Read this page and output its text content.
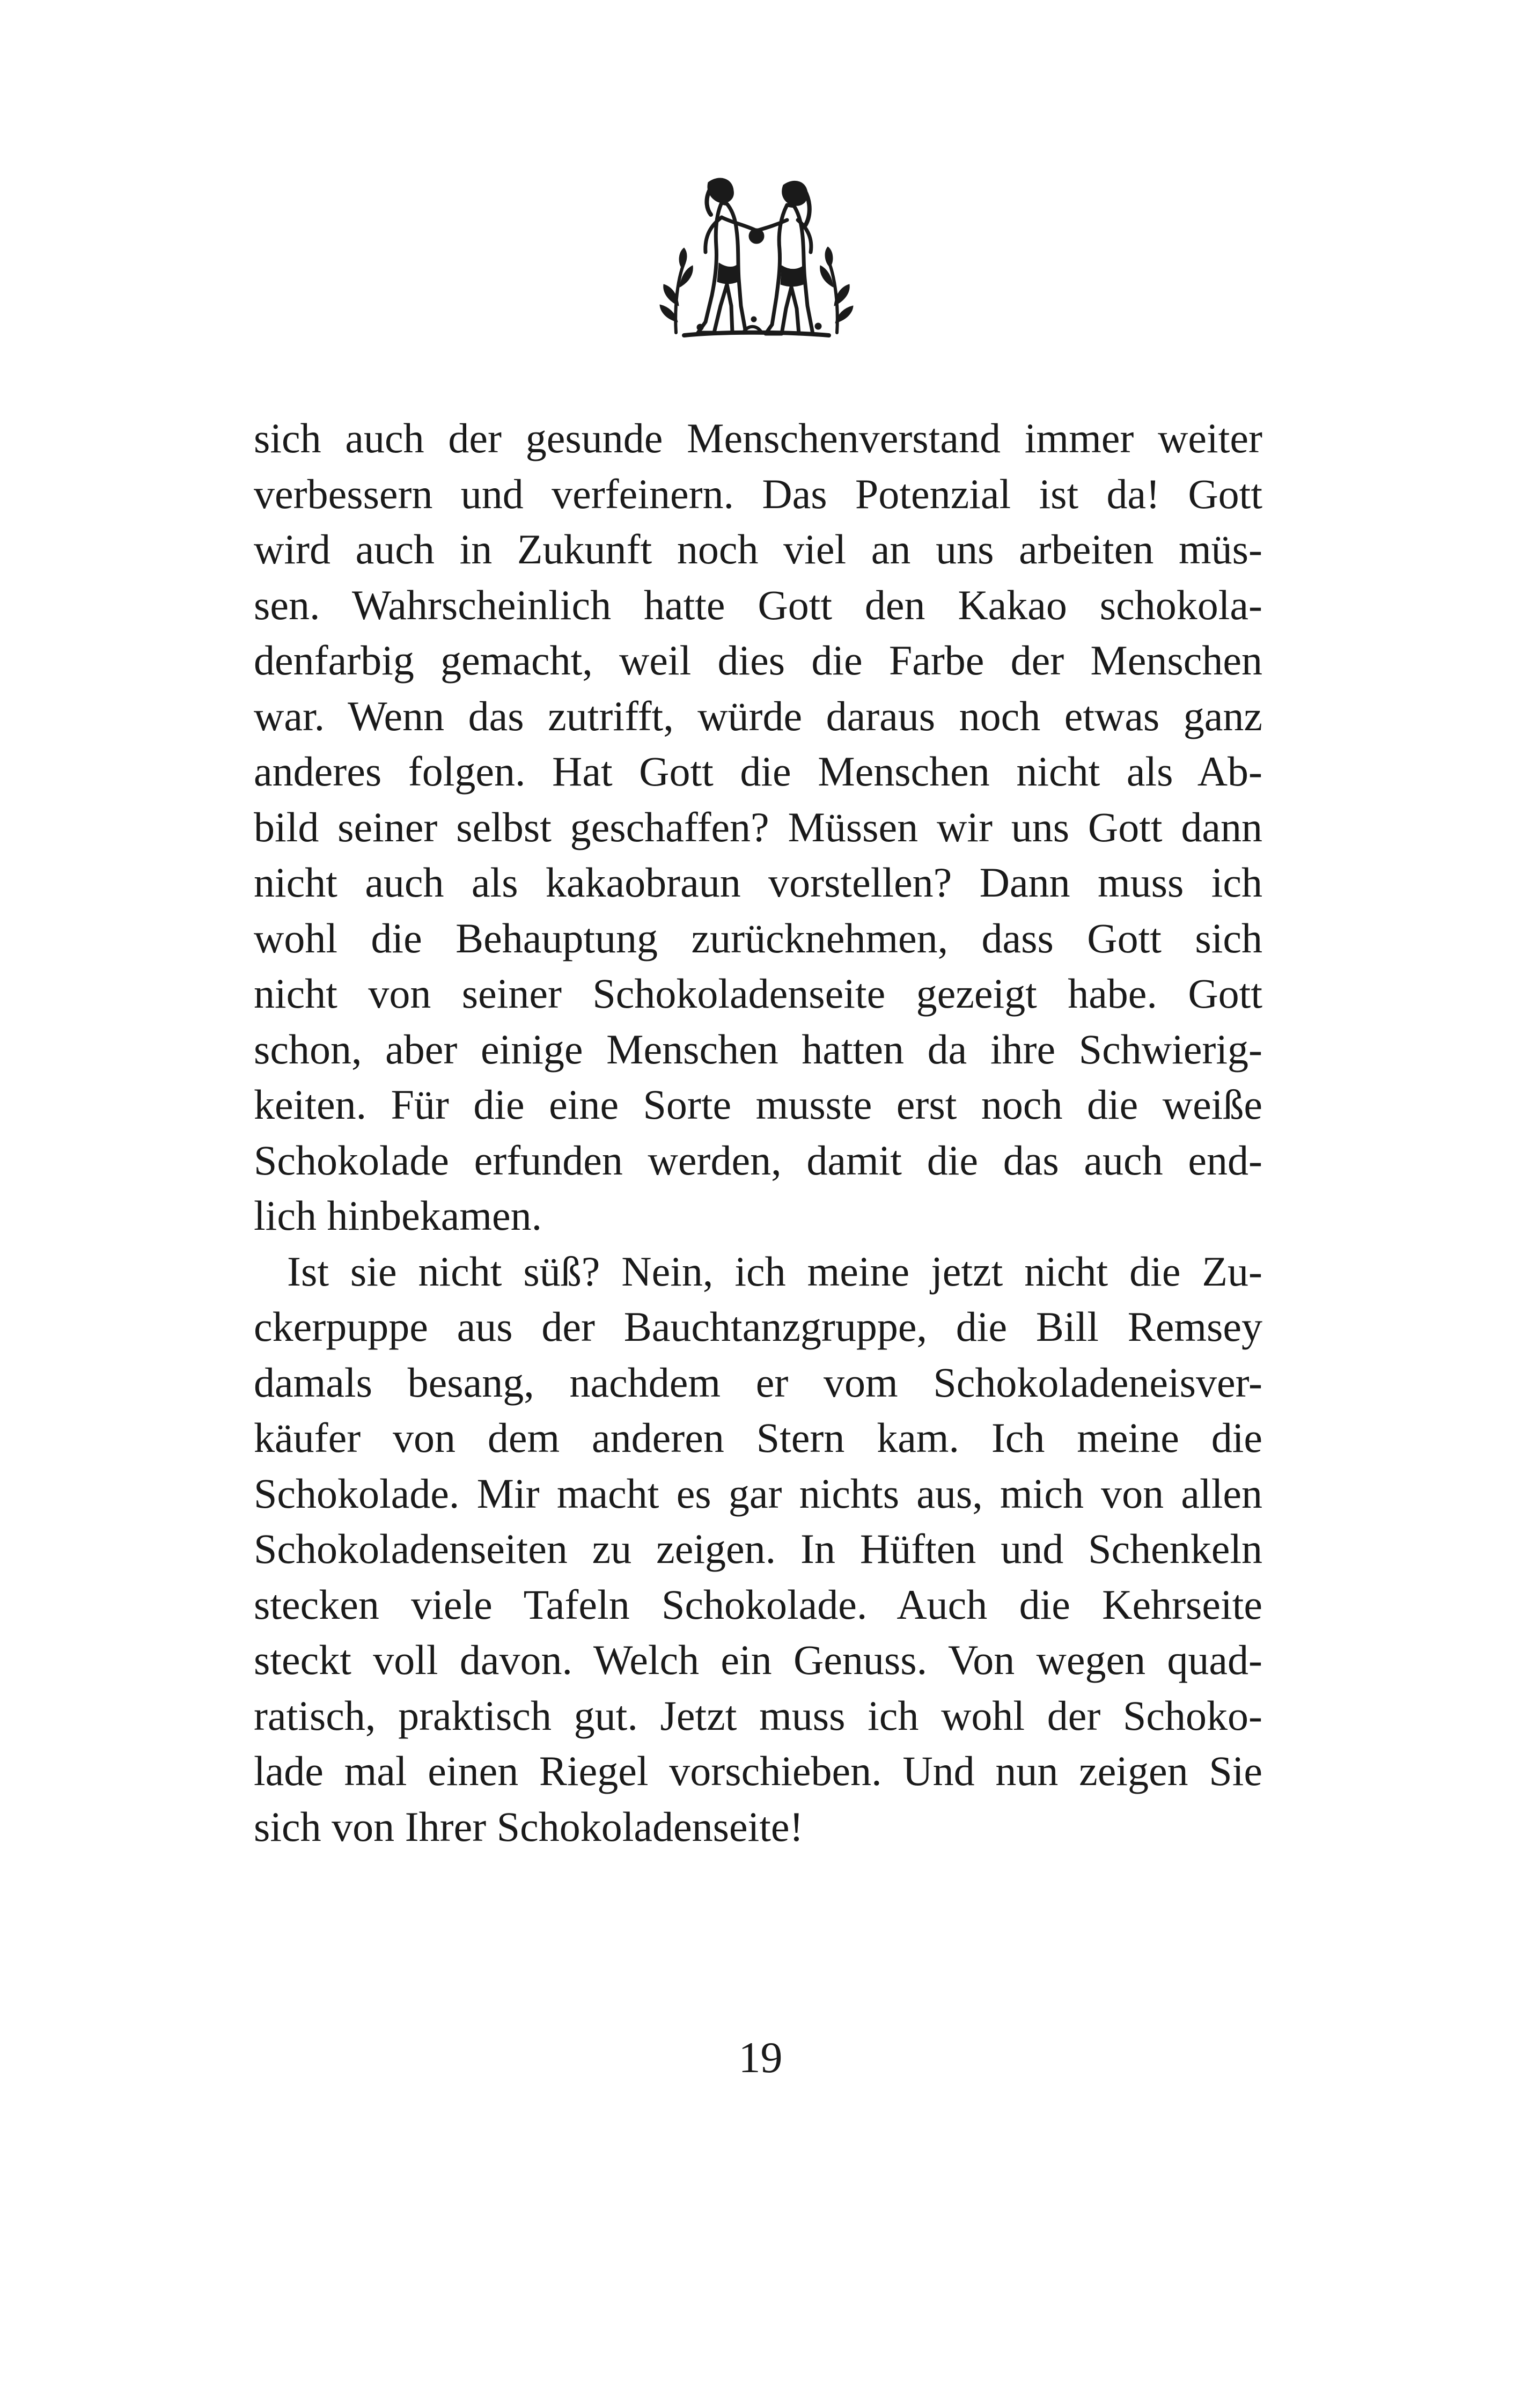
sich auch der gesunde Menschenverstand immer weiter
verbessern und verfeinern. Das Potenzial ist da! Gott
wird auch in Zukunft noch viel an uns arbeiten müs-
sen. Wahrscheinlich hatte Gott den Kakao schokola-
denfarbig gemacht, weil dies die Farbe der Menschen
war. Wenn das zutrifft, würde daraus noch etwas ganz
anderes folgen. Hat Gott die Menschen nicht als Ab-
bild seiner selbst geschaffen? Müssen wir uns Gott dann
nicht auch als kakaobraun vorstellen? Dann muss ich
wohl die Behauptung zurücknehmen, dass Gott sich
nicht von seiner Schokoladenseite gezeigt habe. Gott
schon, aber einige Menschen hatten da ihre Schwierig-
keiten. Für die eine Sorte musste erst noch die weiße
Schokolade erfunden werden, damit die das auch end-
lich hinbekamen.
Ist sie nicht süß? Nein, ich meine jetzt nicht die Zu-
ckerpuppe aus der Bauchtanzgruppe, die Bill Remsey
damals besang, nachdem er vom Schokoladeneisver-
käufer von dem anderen Stern kam. Ich meine die
Schokolade. Mir macht es gar nichts aus, mich von allen
Schokoladenseiten zu zeigen. In Hüften und Schenkeln
stecken viele Tafeln Schokolade. Auch die Kehrseite
steckt voll davon. Welch ein Genuss. Von wegen quad-
ratisch, praktisch gut. Jetzt muss ich wohl der Schoko-
lade mal einen Riegel vorschieben. Und nun zeigen Sie
sich von Ihrer Schokoladenseite!
19
